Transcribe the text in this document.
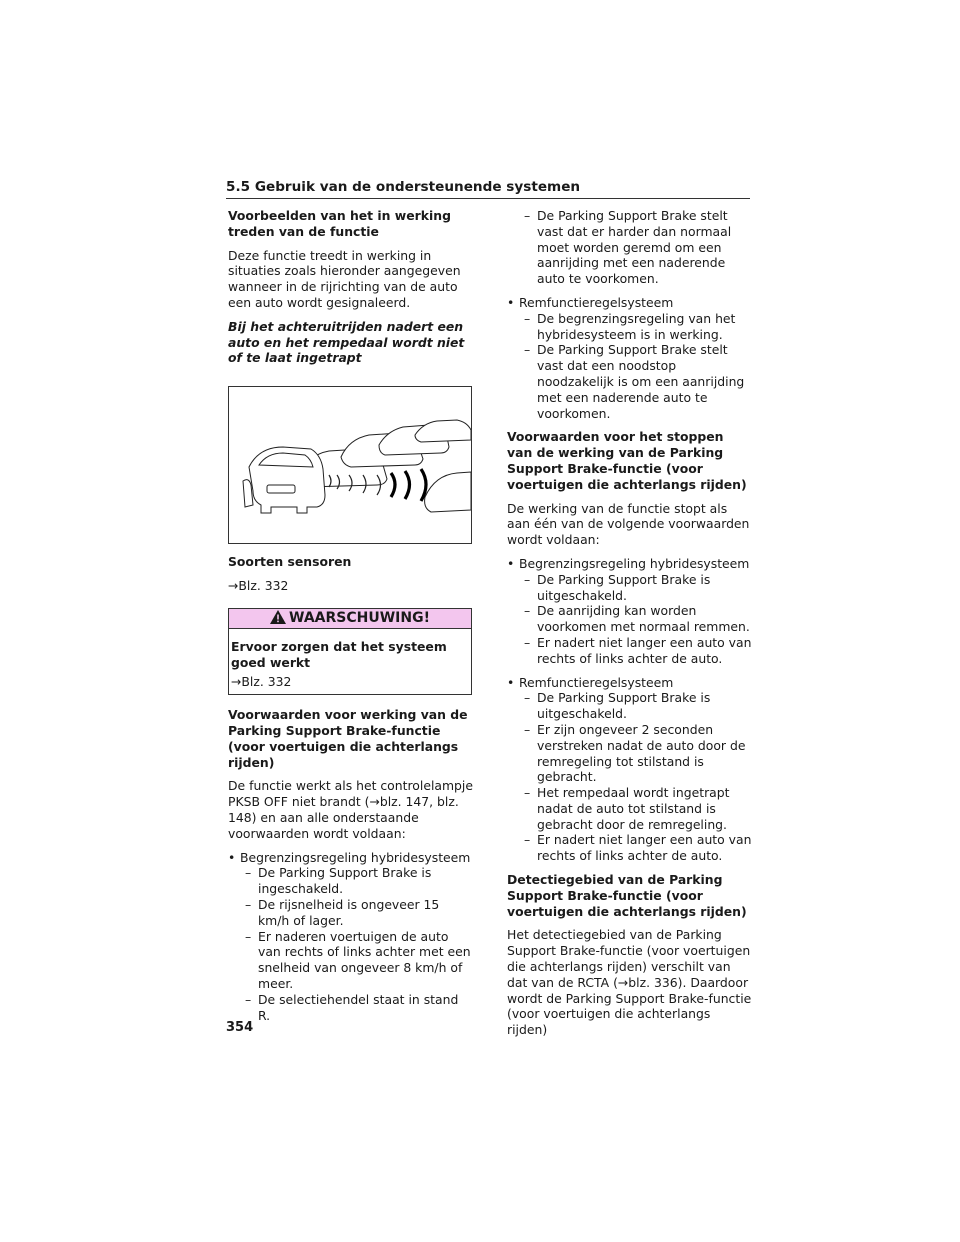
5.5 Gebruik van de ondersteunende systemen

Voorbeelden van het in werking treden van de functie

Deze functie treedt in werking in situaties zoals hieronder aangegeven wanneer in de rijrichting van de auto een auto wordt gesignaleerd.

Bij het achteruitrijden nadert een auto en het rempedaal wordt niet of te laat ingetrapt

Soorten sensoren

→Blz. 332

WAARSCHUWING!

Ervoor zorgen dat het systeem goed werkt

→Blz. 332

Voorwaarden voor werking van de Parking Support Brake-functie (voor voertuigen die achterlangs rijden)

De functie werkt als het controlelampje PKSB OFF niet brandt (→blz. 147, blz. 148) en aan alle onderstaande voorwaarden wordt voldaan:

• Begrenzingsregeling hybridesysteem

– De Parking Support Brake is ingeschakeld.

– De rijsnelheid is ongeveer 15 km/h of lager.

– Er naderen voertuigen de auto van rechts of links achter met een snelheid van ongeveer 8 km/h of meer.

– De selectiehendel staat in stand R.

– De Parking Support Brake stelt vast dat er harder dan normaal moet worden geremd om een aanrijding met een naderende auto te voorkomen.

• Remfunctieregelsysteem

– De begrenzingsregeling van het hybridesysteem is in werking.

– De Parking Support Brake stelt vast dat een noodstop noodzakelijk is om een aanrijding met een naderende auto te voorkomen.

Voorwaarden voor het stoppen van de werking van de Parking Support Brake-functie (voor voertuigen die achterlangs rijden)

De werking van de functie stopt als aan één van de volgende voorwaarden wordt voldaan:

• Begrenzingsregeling hybridesysteem

– De Parking Support Brake is uitgeschakeld.

– De aanrijding kan worden voorkomen met normaal remmen.

– Er nadert niet langer een auto van rechts of links achter de auto.

• Remfunctieregelsysteem

– De Parking Support Brake is uitgeschakeld.

– Er zijn ongeveer 2 seconden verstreken nadat de auto door de remregeling tot stilstand is gebracht.

– Het rempedaal wordt ingetrapt nadat de auto tot stilstand is gebracht door de remregeling.

– Er nadert niet langer een auto van rechts of links achter de auto.

Detectiegebied van de Parking Support Brake-functie (voor voertuigen die achterlangs rijden)

Het detectiegebied van de Parking Support Brake-functie (voor voertuigen die achterlangs rijden) verschilt van dat van de RCTA (→blz. 336). Daardoor wordt de Parking Support Brake-functie (voor voertuigen die achterlangs rijden)

354
